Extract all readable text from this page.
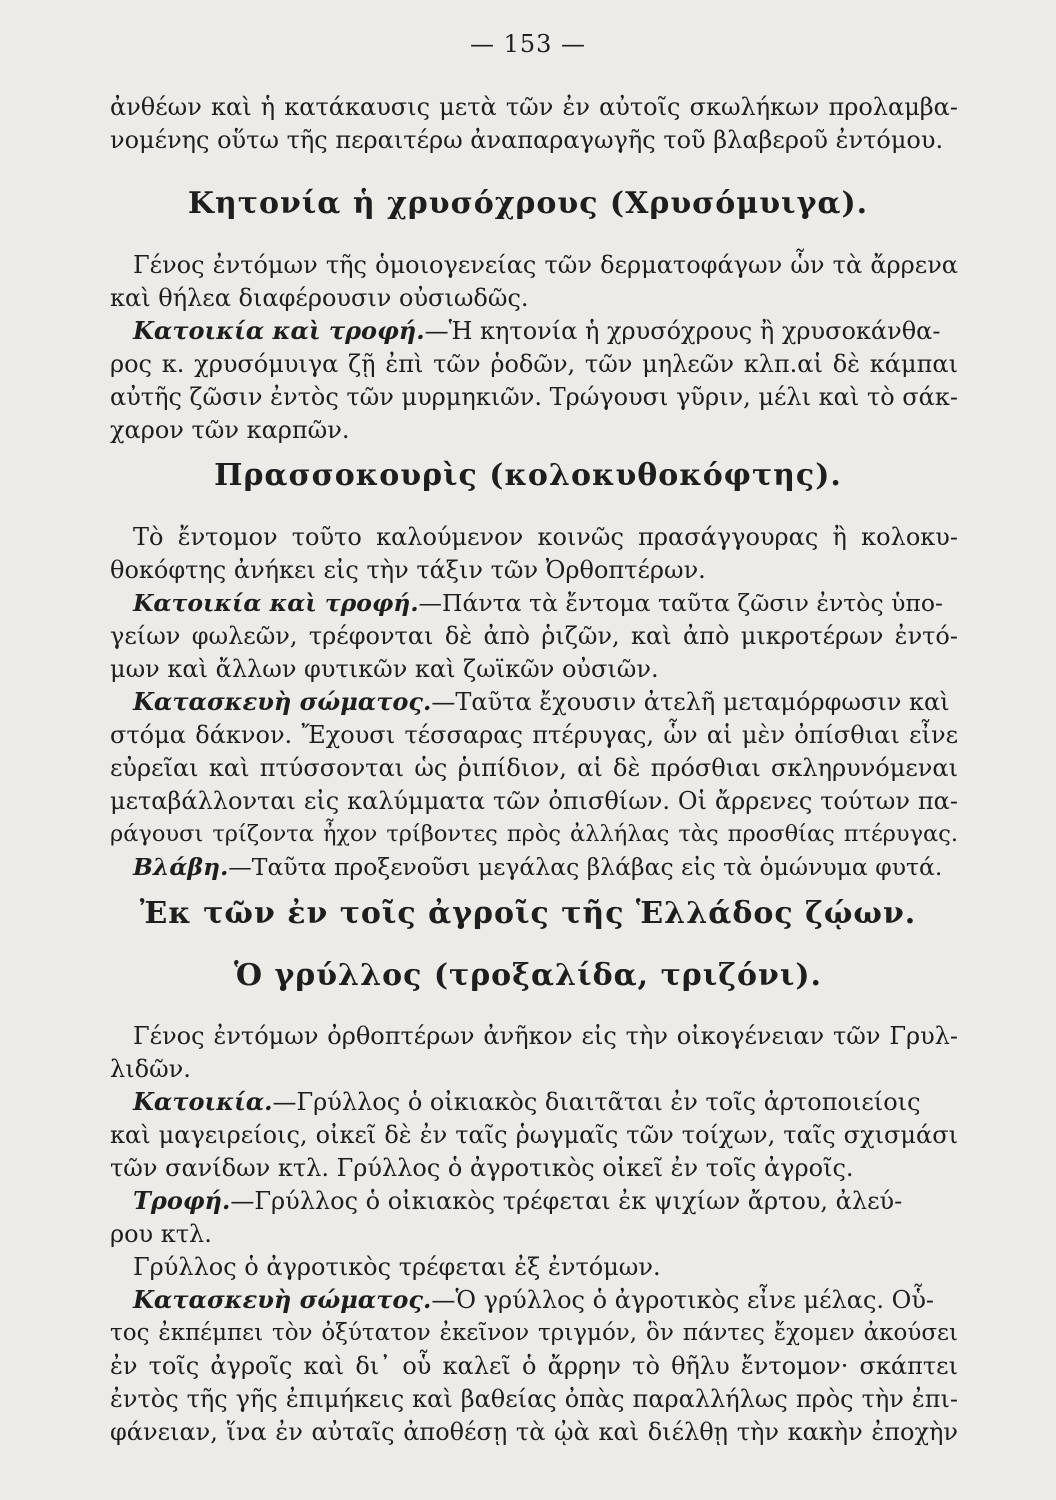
— 153 —
ἀνθέων καὶ ἡ κατάκαυσις μετὰ τῶν ἐν αὐτοῖς σκωλήκων προλαμβα-
νομένης οὕτω τῆς περαιτέρω ἀναπαραγωγῆς τοῦ βλαβεροῦ ἐντόμου.
Κητονία ἡ χρυσόχρους (Χρυσόμυιγα).
Γένος ἐντόμων τῆς ὁμοιογενείας τῶν δερματοφάγων ὧν τὰ ἄρρενα
καὶ θήλεα διαφέρουσιν οὐσιωδῶς.
Κατοικία καὶ τροφή.—Ἡ κητονία ἡ χρυσόχρους ἢ χρυσοκάνθα-
ρος κ. χρυσόμυιγα ζῇ ἐπὶ τῶν ῥοδῶν, τῶν μηλεῶν κλπ.αἱ δὲ κάμπαι
αὐτῆς ζῶσιν ἐντὸς τῶν μυρμηκιῶν. Τρώγουσι γῦριν, μέλι καὶ τὸ σάκ-
χαρον τῶν καρπῶν.
Πρασσοκουρὶς (κολοκυθοκόφτης).
Τὸ ἔντομον τοῦτο καλούμενον κοινῶς πρασάγγουρας ἢ κολοκυ-
θοκόφτης ἀνήκει εἰς τὴν τάξιν τῶν Ὀρθοπτέρων.
Κατοικία καὶ τροφή.—Πάντα τὰ ἔντομα ταῦτα ζῶσιν ἐντὸς ὑπο-
γείων φωλεῶν, τρέφονται δὲ ἀπὸ ῥιζῶν, καὶ ἀπὸ μικροτέρων ἐντό-
μων καὶ ἄλλων φυτικῶν καὶ ζωϊκῶν οὐσιῶν.
Κατασκευὴ σώματος.—Ταῦτα ἔχουσιν ἀτελῆ μεταμόρφωσιν καὶ
στόμα δάκνον. Ἔχουσι τέσσαρας πτέρυγας, ὧν αἱ μὲν ὀπίσθιαι εἶνε
εὐρεῖαι καὶ πτύσσονται ὡς ῥιπίδιον, αἱ δὲ πρόσθιαι σκληρυνόμεναι
μεταβάλλονται εἰς καλύμματα τῶν ὀπισθίων. Οἱ ἄρρενες τούτων πα-
ράγουσι τρίζοντα ἦχον τρίβοντες πρὸς ἀλλήλας τὰς προσθίας πτέρυγας.
Βλάβη.—Ταῦτα προξενοῦσι μεγάλας βλάβας εἰς τὰ ὁμώνυμα φυτά.
Ἐκ τῶν ἐν τοῖς ἀγροῖς τῆς Ἑλλάδος ζῴων.
Ὁ γρύλλος (τροξαλίδα, τριζόνι).
Γένος ἐντόμων ὀρθοπτέρων ἀνῆκον εἰς τὴν οἰκογένειαν τῶν Γρυλ-
λιδῶν.
Κατοικία.—Γρύλλος ὁ οἰκιακὸς διαιτᾶται ἐν τοῖς ἀρτοποιείοις
καὶ μαγειρείοις, οἰκεῖ δὲ ἐν ταῖς ῥωγμαῖς τῶν τοίχων, ταῖς σχισμάσι
τῶν σανίδων κτλ. Γρύλλος ὁ ἀγροτικὸς οἰκεῖ ἐν τοῖς ἀγροῖς.
Τροφή.—Γρύλλος ὁ οἰκιακὸς τρέφεται ἐκ ψιχίων ἄρτου, ἀλεύ-
ρου κτλ.
Γρύλλος ὁ ἀγροτικὸς τρέφεται ἐξ ἐντόμων.
Κατασκευὴ σώματος.—Ὁ γρύλλος ὁ ἀγροτικὸς εἶνε μέλας. Οὗ-
τος ἐκπέμπει τὸν ὀξύτατον ἐκεῖνον τριγμόν, ὃν πάντες ἔχομεν ἀκούσει
ἐν τοῖς ἀγροῖς καὶ δι᾽ οὗ καλεῖ ὁ ἄρρην τὸ θῆλυ ἔντομον· σκάπτει
ἐντὸς τῆς γῆς ἐπιμήκεις καὶ βαθείας ὀπὰς παραλλήλως πρὸς τὴν ἐπι-
φάνειαν, ἵνα ἐν αὐταῖς ἀποθέσῃ τὰ ᾠὰ καὶ διέλθῃ τὴν κακὴν ἐποχὴν
